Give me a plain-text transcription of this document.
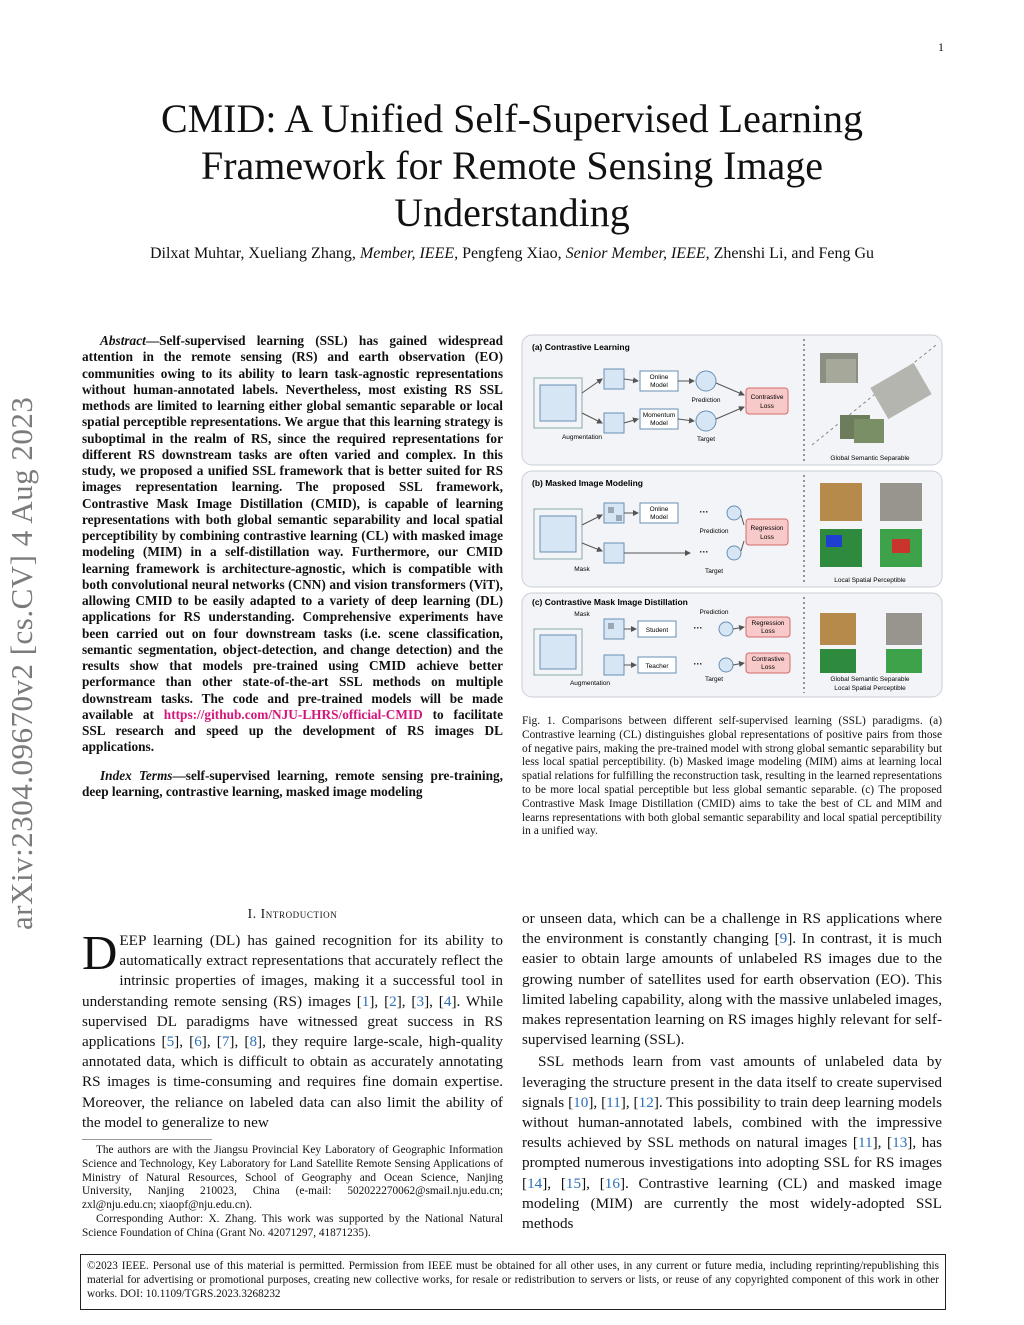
1
arXiv:2304.09670v2 [cs.CV] 4 Aug 2023
CMID: A Unified Self-Supervised Learning Framework for Remote Sensing Image Understanding
Dilxat Muhtar, Xueliang Zhang, Member, IEEE, Pengfeng Xiao, Senior Member, IEEE, Zhenshi Li, and Feng Gu

Abstract—Self-supervised learning (SSL) has gained widespread attention in the remote sensing (RS) and earth observation (EO) communities owing to its ability to learn task-agnostic representations without human-annotated labels. Nevertheless, most existing RS SSL methods are limited to learning either global semantic separable or local spatial perceptible representations. We argue that this learning strategy is suboptimal in the realm of RS, since the required representations for different RS downstream tasks are often varied and complex. In this study, we proposed a unified SSL framework that is better suited for RS images representation learning. The proposed SSL framework, Contrastive Mask Image Distillation (CMID), is capable of learning representations with both global semantic separability and local spatial perceptibility by combining contrastive learning (CL) with masked image modeling (MIM) in a self-distillation way. Furthermore, our CMID learning framework is architecture-agnostic, which is compatible with both convolutional neural networks (CNN) and vision transformers (ViT), allowing CMID to be easily adapted to a variety of deep learning (DL) applications for RS understanding. Comprehensive experiments have been carried out on four downstream tasks (i.e. scene classification, semantic segmentation, object-detection, and change detection) and the results show that models pre-trained using CMID achieve better performance than other state-of-the-art SSL methods on multiple downstream tasks. The code and pre-trained models will be made available at https://github.com/NJU-LHRS/official-CMID to facilitate SSL research and speed up the development of RS images DL applications.

Index Terms—self-supervised learning, remote sensing pre-training, deep learning, contrastive learning, masked image modeling

(a) Contrastive Learning
Online
Model
Momentum
Model
Prediction
Target
Augmentation
Contrastive
Loss
Global Semantic Separable
(b) Masked Image Modeling
Online
Model
···
···
Prediction
Target
Mask
Regression
Loss
Local Spatial Perceptible
(c) Contrastive Mask Image Distillation
Mask
Student
Teacher
···
···
Prediction
Target
Augmentation
Regression
Loss
Contrastive
Loss
Global Semantic Separable
Local Spatial Perceptible
Fig. 1. Comparisons between different self-supervised learning (SSL) paradigms. (a) Contrastive learning (CL) distinguishes global representations of positive pairs from those of negative pairs, making the pre-trained model with strong global semantic separability but less local spatial perceptibility. (b) Masked image modeling (MIM) aims at learning local spatial relations for fulfilling the reconstruction task, resulting in the learned representations to be more local spatial perceptible but less global semantic separable. (c) The proposed Contrastive Mask Image Distillation (CMID) aims to take the best of CL and MIM and learns representations with both global semantic separability and local spatial perceptibility in a unified way.
I. Introduction

DEEP learning (DL) has gained recognition for its ability to automatically extract representations that accurately reflect the intrinsic properties of images, making it a successful tool in understanding remote sensing (RS) images [1], [2], [3], [4]. While supervised DL paradigms have witnessed great success in RS applications [5], [6], [7], [8], they require large-scale, high-quality annotated data, which is difficult to obtain as accurately annotating RS images is time-consuming and requires fine domain expertise. Moreover, the reliance on labeled data can also limit the ability of the model to generalize to new

The authors are with the Jiangsu Provincial Key Laboratory of Geographic Information Science and Technology, Key Laboratory for Land Satellite Remote Sensing Applications of Ministry of Natural Resources, School of Geography and Ocean Science, Nanjing University, Nanjing 210023, China (e-mail: 502022270062@smail.nju.edu.cn; zxl@nju.edu.cn; xiaopf@nju.edu.cn).

Corresponding Author: X. Zhang. This work was supported by the National Natural Science Foundation of China (Grant No. 42071297, 41871235).

or unseen data, which can be a challenge in RS applications where the environment is constantly changing [9]. In contrast, it is much easier to obtain large amounts of unlabeled RS images due to the growing number of satellites used for earth observation (EO). This limited labeling capability, along with the massive unlabeled images, makes representation learning on RS images highly relevant for self-supervised learning (SSL).

SSL methods learn from vast amounts of unlabeled data by leveraging the structure present in the data itself to create supervised signals [10], [11], [12]. This possibility to train deep learning models without human-annotated labels, combined with the impressive results achieved by SSL methods on natural images [11], [13], has prompted numerous investigations into adopting SSL for RS images [14], [15], [16]. Contrastive learning (CL) and masked image modeling (MIM) are currently the most widely-adopted SSL methods

©2023 IEEE. Personal use of this material is permitted. Permission from IEEE must be obtained for all other uses, in any current or future media, including reprinting/republishing this material for advertising or promotional purposes, creating new collective works, for resale or redistribution to servers or lists, or reuse of any copyrighted component of this work in other works. DOI: 10.1109/TGRS.2023.3268232
